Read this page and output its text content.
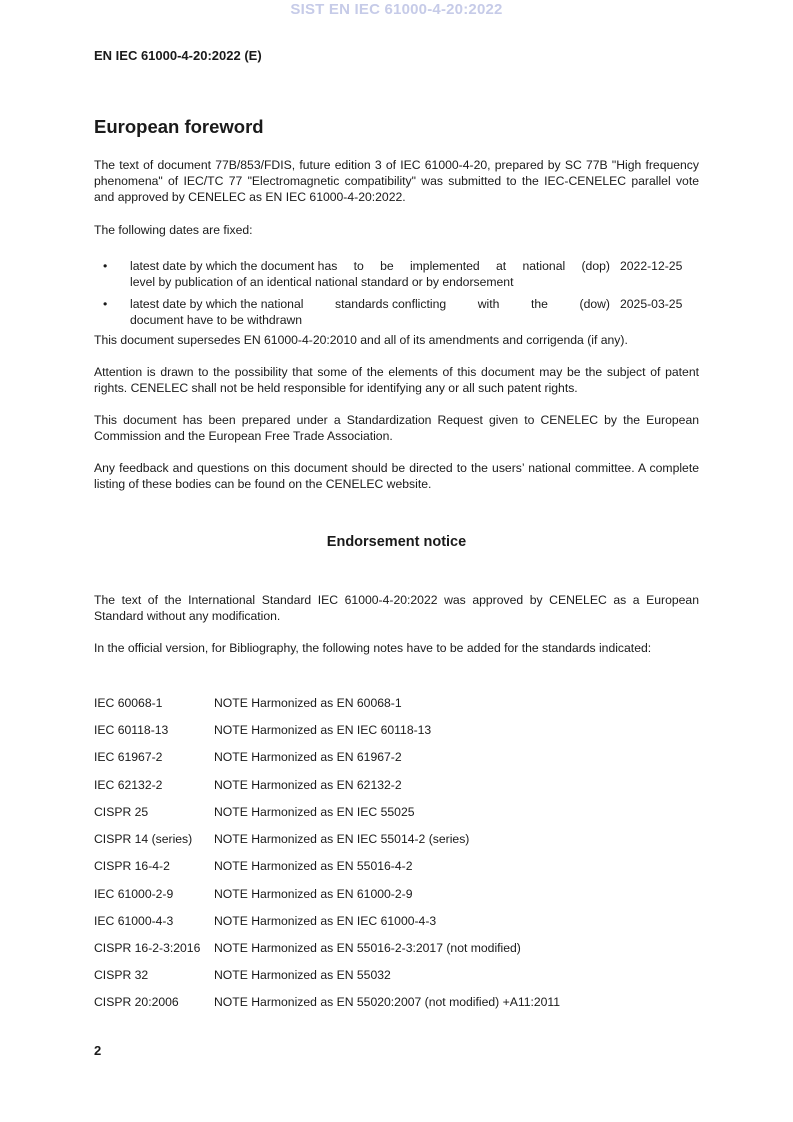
SIST EN IEC 61000-4-20:2022
EN IEC 61000-4-20:2022 (E)
European foreword
The text of document 77B/853/FDIS, future edition 3 of IEC 61000-4-20, prepared by SC 77B "High frequency phenomena" of IEC/TC 77 "Electromagnetic compatibility" was submitted to the IEC-CENELEC parallel vote and approved by CENELEC as EN IEC 61000-4-20:2022.
The following dates are fixed:
• latest date by which the document has to be implemented at national (dop)
level by publication of an identical national standard or by endorsement
2022-12-25
• latest date by which the national	standards conflicting	with	the	(dow)
document have to be withdrawn
2025-03-25
This document supersedes EN 61000-4-20:2010 and all of its amendments and corrigenda (if any).
Attention is drawn to the possibility that some of the elements of this document may be the subject of patent rights. CENELEC shall not be held responsible for identifying any or all such patent rights.
This document has been prepared under a Standardization Request given to CENELEC by the European Commission and the European Free Trade Association.
Any feedback and questions on this document should be directed to the users’ national committee. A complete listing of these bodies can be found on the CENELEC website.
Endorsement notice
The text of the International Standard IEC 61000-4-20:2022 was approved by CENELEC as a European Standard without any modification.
In the official version, for Bibliography, the following notes have to be added for the standards indicated:
IEC 60068-1	NOTE Harmonized as EN 60068-1
IEC 60118-13	NOTE Harmonized as EN IEC 60118-13
IEC 61967-2	NOTE Harmonized as EN 61967-2
IEC 62132-2	NOTE Harmonized as EN 62132-2
CISPR 25	NOTE Harmonized as EN IEC 55025
CISPR 14 (series) NOTE Harmonized as EN IEC 55014-2 (series)
CISPR 16-4-2	NOTE Harmonized as EN 55016-4-2
IEC 61000-2-9	NOTE Harmonized as EN 61000-2-9
IEC 61000-4-3	NOTE Harmonized as EN IEC 61000-4-3
CISPR 16-2-3:2016 NOTE Harmonized as EN 55016-2-3:2017 (not modified)
CISPR 32	NOTE Harmonized as EN 55032
CISPR 20:2006	NOTE Harmonized as EN 55020:2007 (not modified) +A11:2011
2
